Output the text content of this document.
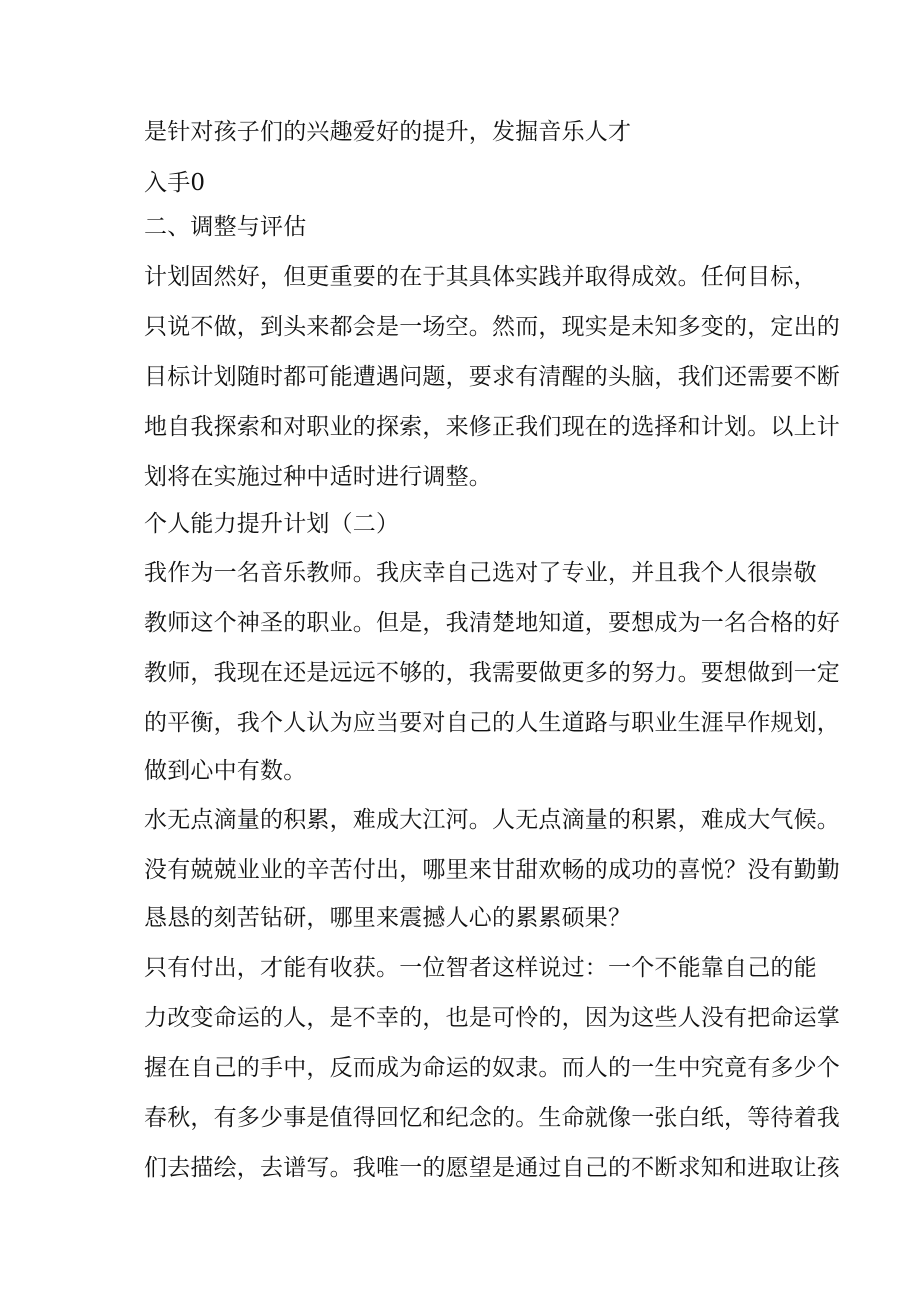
是针对孩子们的兴趣爱好的提升，发掘音乐人才
入手0
二、调整与评估
计划固然好，但更重要的在于其具体实践并取得成效。任何目标，
只说不做，到头来都会是一场空。然而，现实是未知多变的，定出的
目标计划随时都可能遭遇问题，要求有清醒的头脑，我们还需要不断
地自我探索和对职业的探索，来修正我们现在的选择和计划。以上计
划将在实施过种中适时进行调整。
个人能力提升计划（二）
我作为一名音乐教师。我庆幸自己选对了专业，并且我个人很崇敬
教师这个神圣的职业。但是，我清楚地知道，要想成为一名合格的好
教师，我现在还是远远不够的，我需要做更多的努力。要想做到一定
的平衡，我个人认为应当要对自己的人生道路与职业生涯早作规划，
做到心中有数。
水无点滴量的积累，难成大江河。人无点滴量的积累，难成大气候。
没有兢兢业业的辛苦付出，哪里来甘甜欢畅的成功的喜悦？没有勤勤
恳恳的刻苦钻研，哪里来震撼人心的累累硕果？
只有付出，才能有收获。一位智者这样说过：一个不能靠自己的能
力改变命运的人，是不幸的，也是可怜的，因为这些人没有把命运掌
握在自己的手中，反而成为命运的奴隶。而人的一生中究竟有多少个
春秋，有多少事是值得回忆和纪念的。生命就像一张白纸，等待着我
们去描绘，去谱写。我唯一的愿望是通过自己的不断求知和进取让孩
